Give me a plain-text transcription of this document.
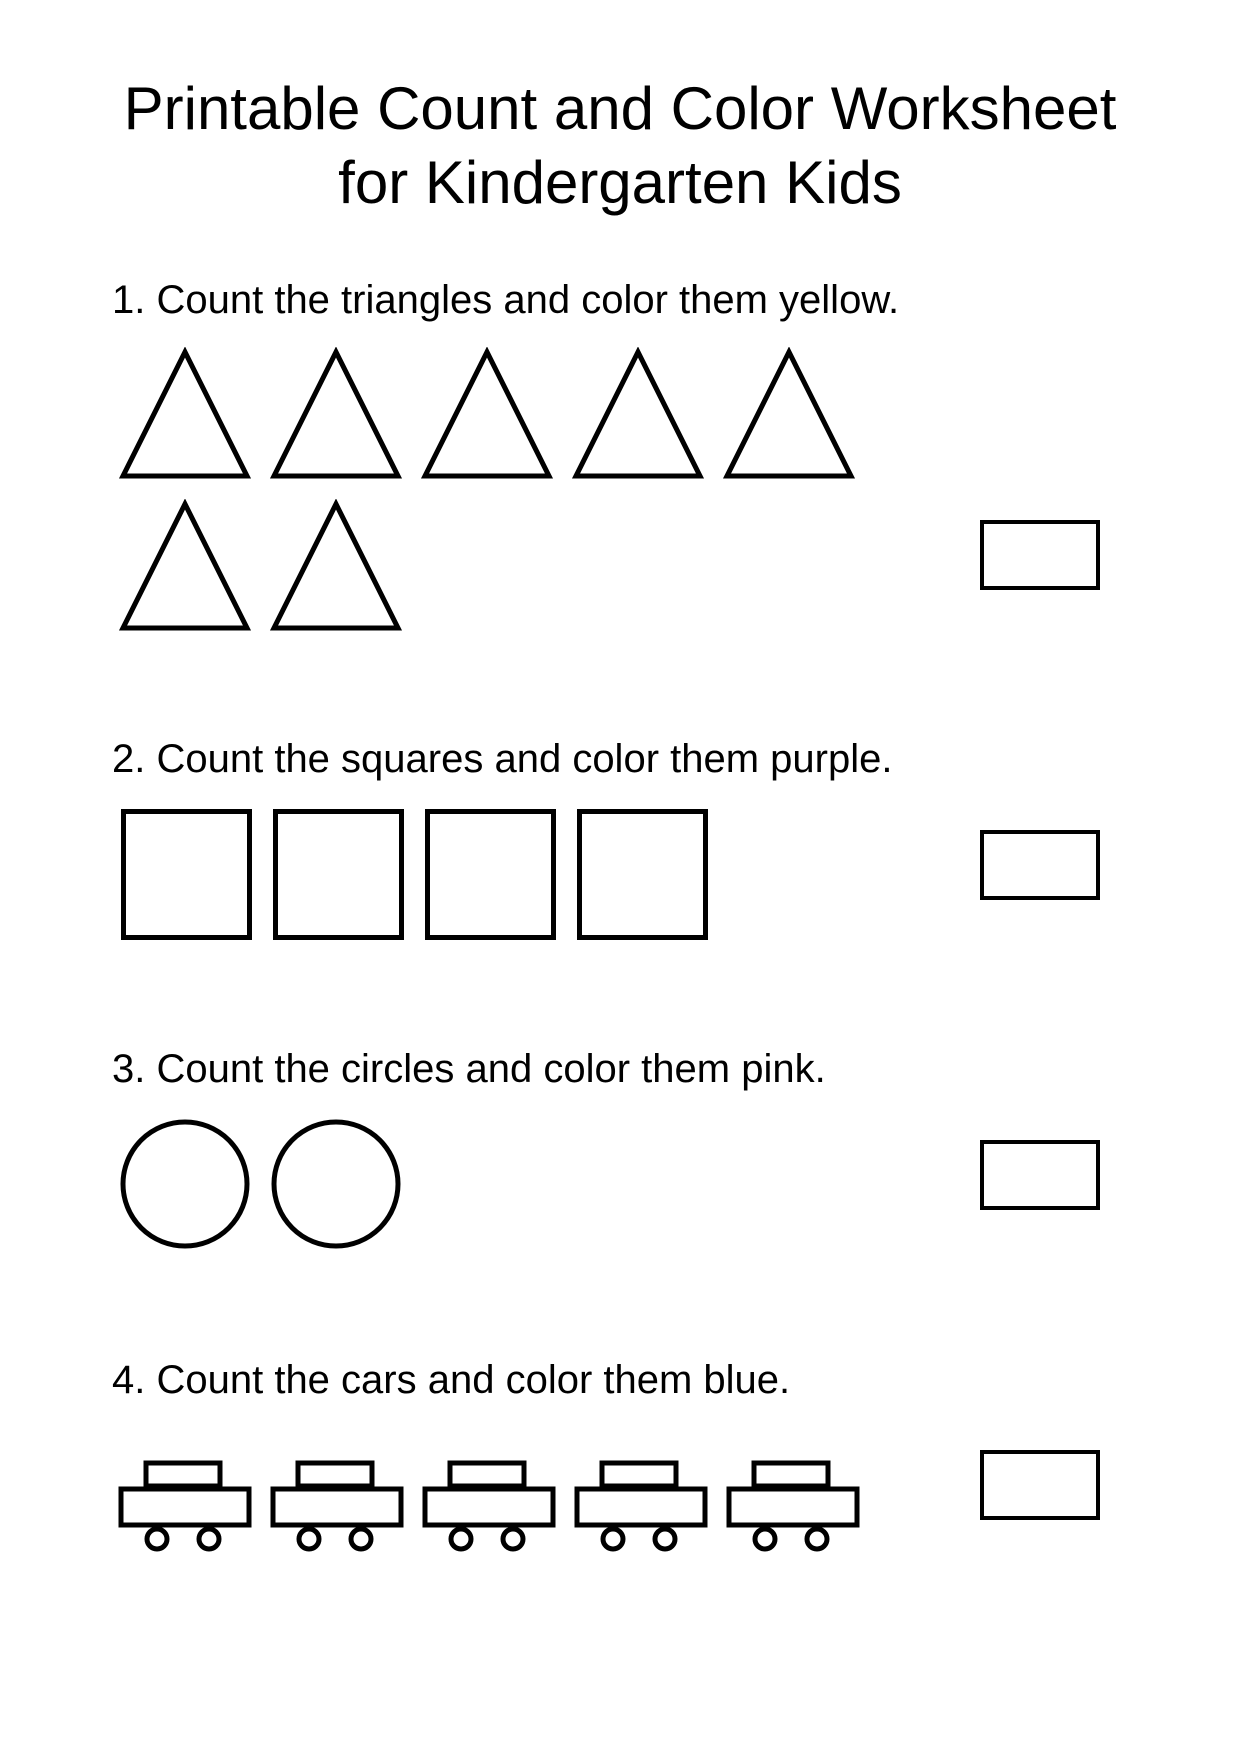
Printable Count and Color Worksheet
for Kindergarten Kids
1. Count the triangles and color them yellow.
2. Count the squares and color them purple.
3. Count the circles and color them pink.
4. Count the cars and color them blue.
